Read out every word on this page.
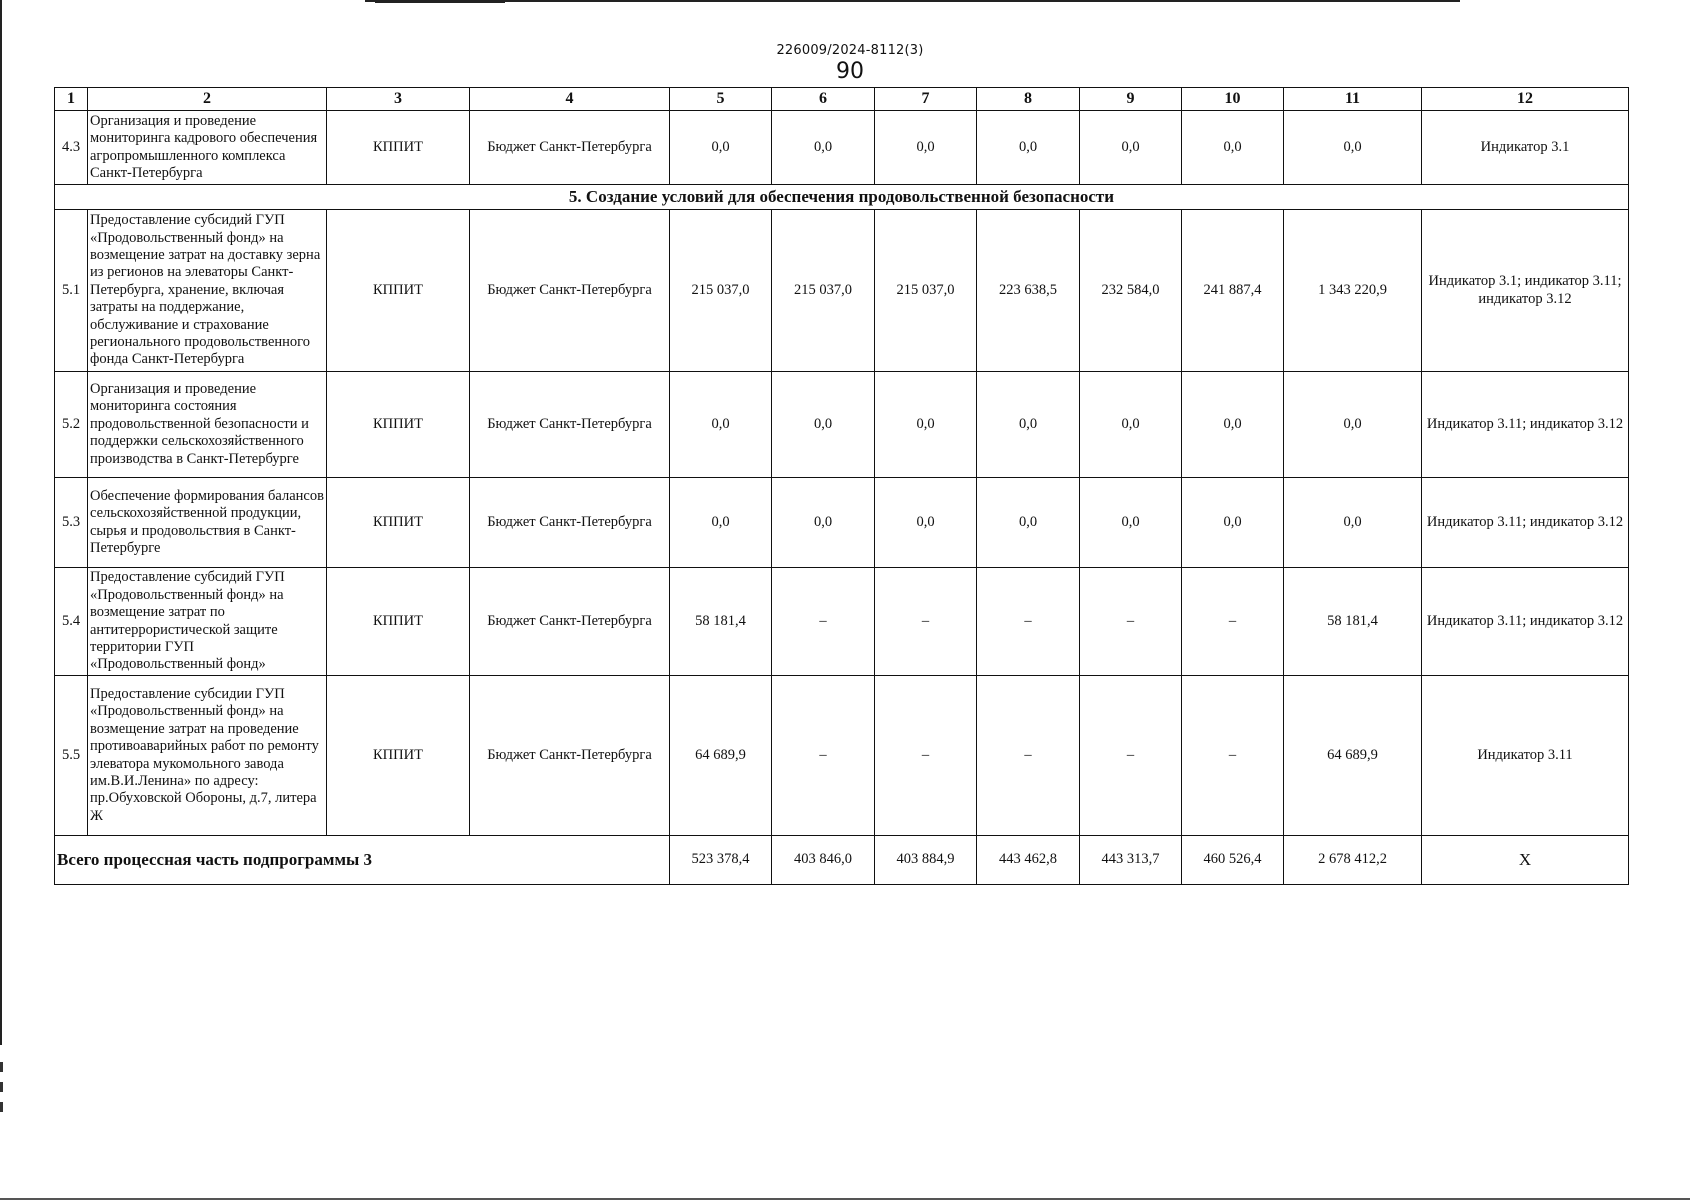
226009/2024-8112(3)
90
1	2	3	4	5	6	7	8	9	10	11	12
4.3	Организация и проведение мониторинга кадрового обеспечения агропромышленного комплекса Санкт-Петербурга	КППИТ	Бюджет Санкт-Петербурга	0,0	0,0	0,0	0,0	0,0	0,0	0,0	Индикатор 3.1
5. Создание условий для обеспечения продовольственной безопасности											
5.1	Предоставление субсидий ГУП «Продовольственный фонд» на возмещение затрат на доставку зерна из регионов на элеваторы Санкт-Петербурга, хранение, включая затраты на поддержание, обслуживание и страхование регионального продовольственного фонда Санкт-Петербурга	КППИТ	Бюджет Санкт-Петербурга	215 037,0	215 037,0	215 037,0	223 638,5	232 584,0	241 887,4	1 343 220,9	Индикатор 3.1; индикатор 3.11; индикатор 3.12
5.2	Организация и проведение мониторинга состояния продовольственной безопасности и поддержки сельскохозяйственного производства в Санкт-Петербурге	КППИТ	Бюджет Санкт-Петербурга	0,0	0,0	0,0	0,0	0,0	0,0	0,0	Индикатор 3.11; индикатор 3.12
5.3	Обеспечение формирования балансов сельскохозяйственной продукции, сырья и продовольствия в Санкт-Петербурге	КППИТ	Бюджет Санкт-Петербурга	0,0	0,0	0,0	0,0	0,0	0,0	0,0	Индикатор 3.11; индикатор 3.12
5.4	Предоставление субсидий ГУП «Продовольственный фонд» на возмещение затрат по антитеррористической защите территории ГУП «Продовольственный фонд»	КППИТ	Бюджет Санкт-Петербурга	58 181,4	–	–	–	–	–	58 181,4	Индикатор 3.11; индикатор 3.12
5.5	Предоставление субсидии ГУП «Продовольственный фонд» на возмещение затрат на проведение противоаварийных работ по ремонту элеватора мукомольного завода им.В.И.Ленина» по адресу: пр.Обуховской Обороны, д.7, литера Ж	КППИТ	Бюджет Санкт-Петербурга	64 689,9	–	–	–	–	–	64 689,9	Индикатор 3.11
Всего процессная часть подпрограммы 3				523 378,4	403 846,0	403 884,9	443 462,8	443 313,7	460 526,4	2 678 412,2	Х
